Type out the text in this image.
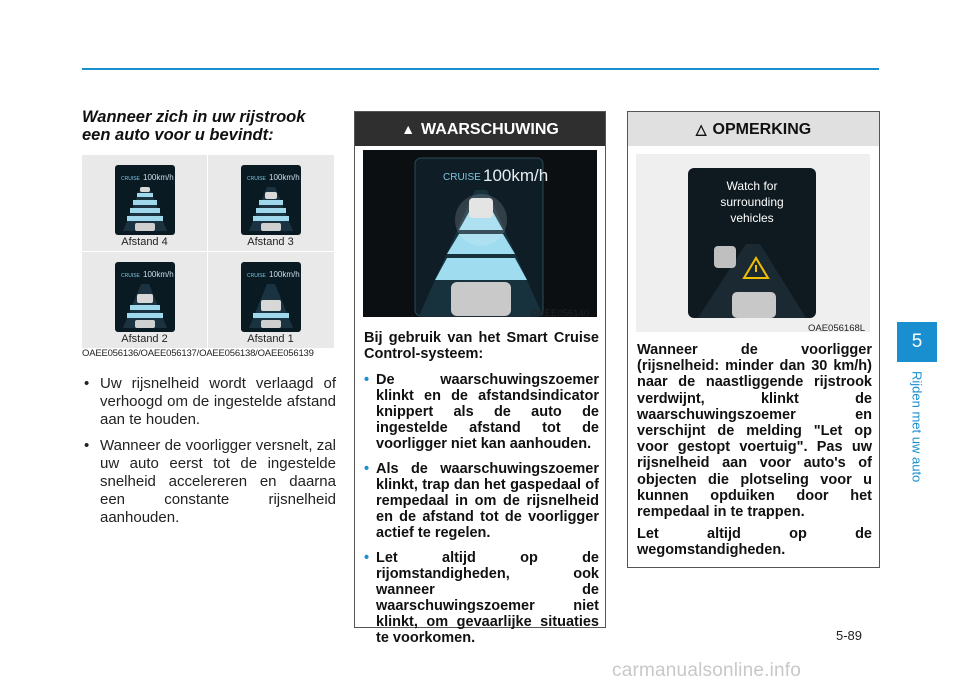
Wanneer zich in uw rijstrook
een auto voor u bevindt:
CRUISE 100km/h
Afstand 4
CRUISE 100km/h
Afstand 3
CRUISE 100km/h
Afstand 2
CRUISE 100km/h
Afstand 1
OAEE056136/OAEE056137/OAEE056138/OAEE056139
• Uw rijsnelheid wordt verlaagd of verhoogd om de ingestelde afstand aan te houden.
• Wanneer de voorligger versnelt, zal uw auto eerst tot de ingestelde snelheid accelereren en daarna een constante rijsnelheid aanhouden.
▲ WAARSCHUWING
CRUISE 100km/h
OAEE056140

Bij gebruik van het Smart Cruise Control-systeem:

• De waarschuwingszoemer klinkt en de afstandsindicator knippert als de auto de ingestelde afstand tot de voorligger niet kan aanhouden.
• Als de waarschuwingszoemer klinkt, trap dan het gaspedaal of rempedaal in om de rijsnelheid en de afstand tot de voorligger actief te regelen.
• Let altijd op de rijomstandigheden, ook wanneer de waarschuwingszoemer niet klinkt, om gevaarlijke situaties te voorkomen.
△ OPMERKING
Watch for
surrounding
vehicles
OAE056168L

Wanneer de voorligger (rijsnelheid: minder dan 30 km/h) naar de naastliggende rijstrook verdwijnt, klinkt de waarschuwingszoemer en verschijnt de melding "Let op voor gestopt voertuig". Pas uw rijsnelheid aan voor auto's of objecten die plotseling voor u kunnen opduiken door het rempedaal in te trappen.

Let altijd op de wegomstandigheden.

5
Rijden met uw auto
5-89
carmanualsonline.info
